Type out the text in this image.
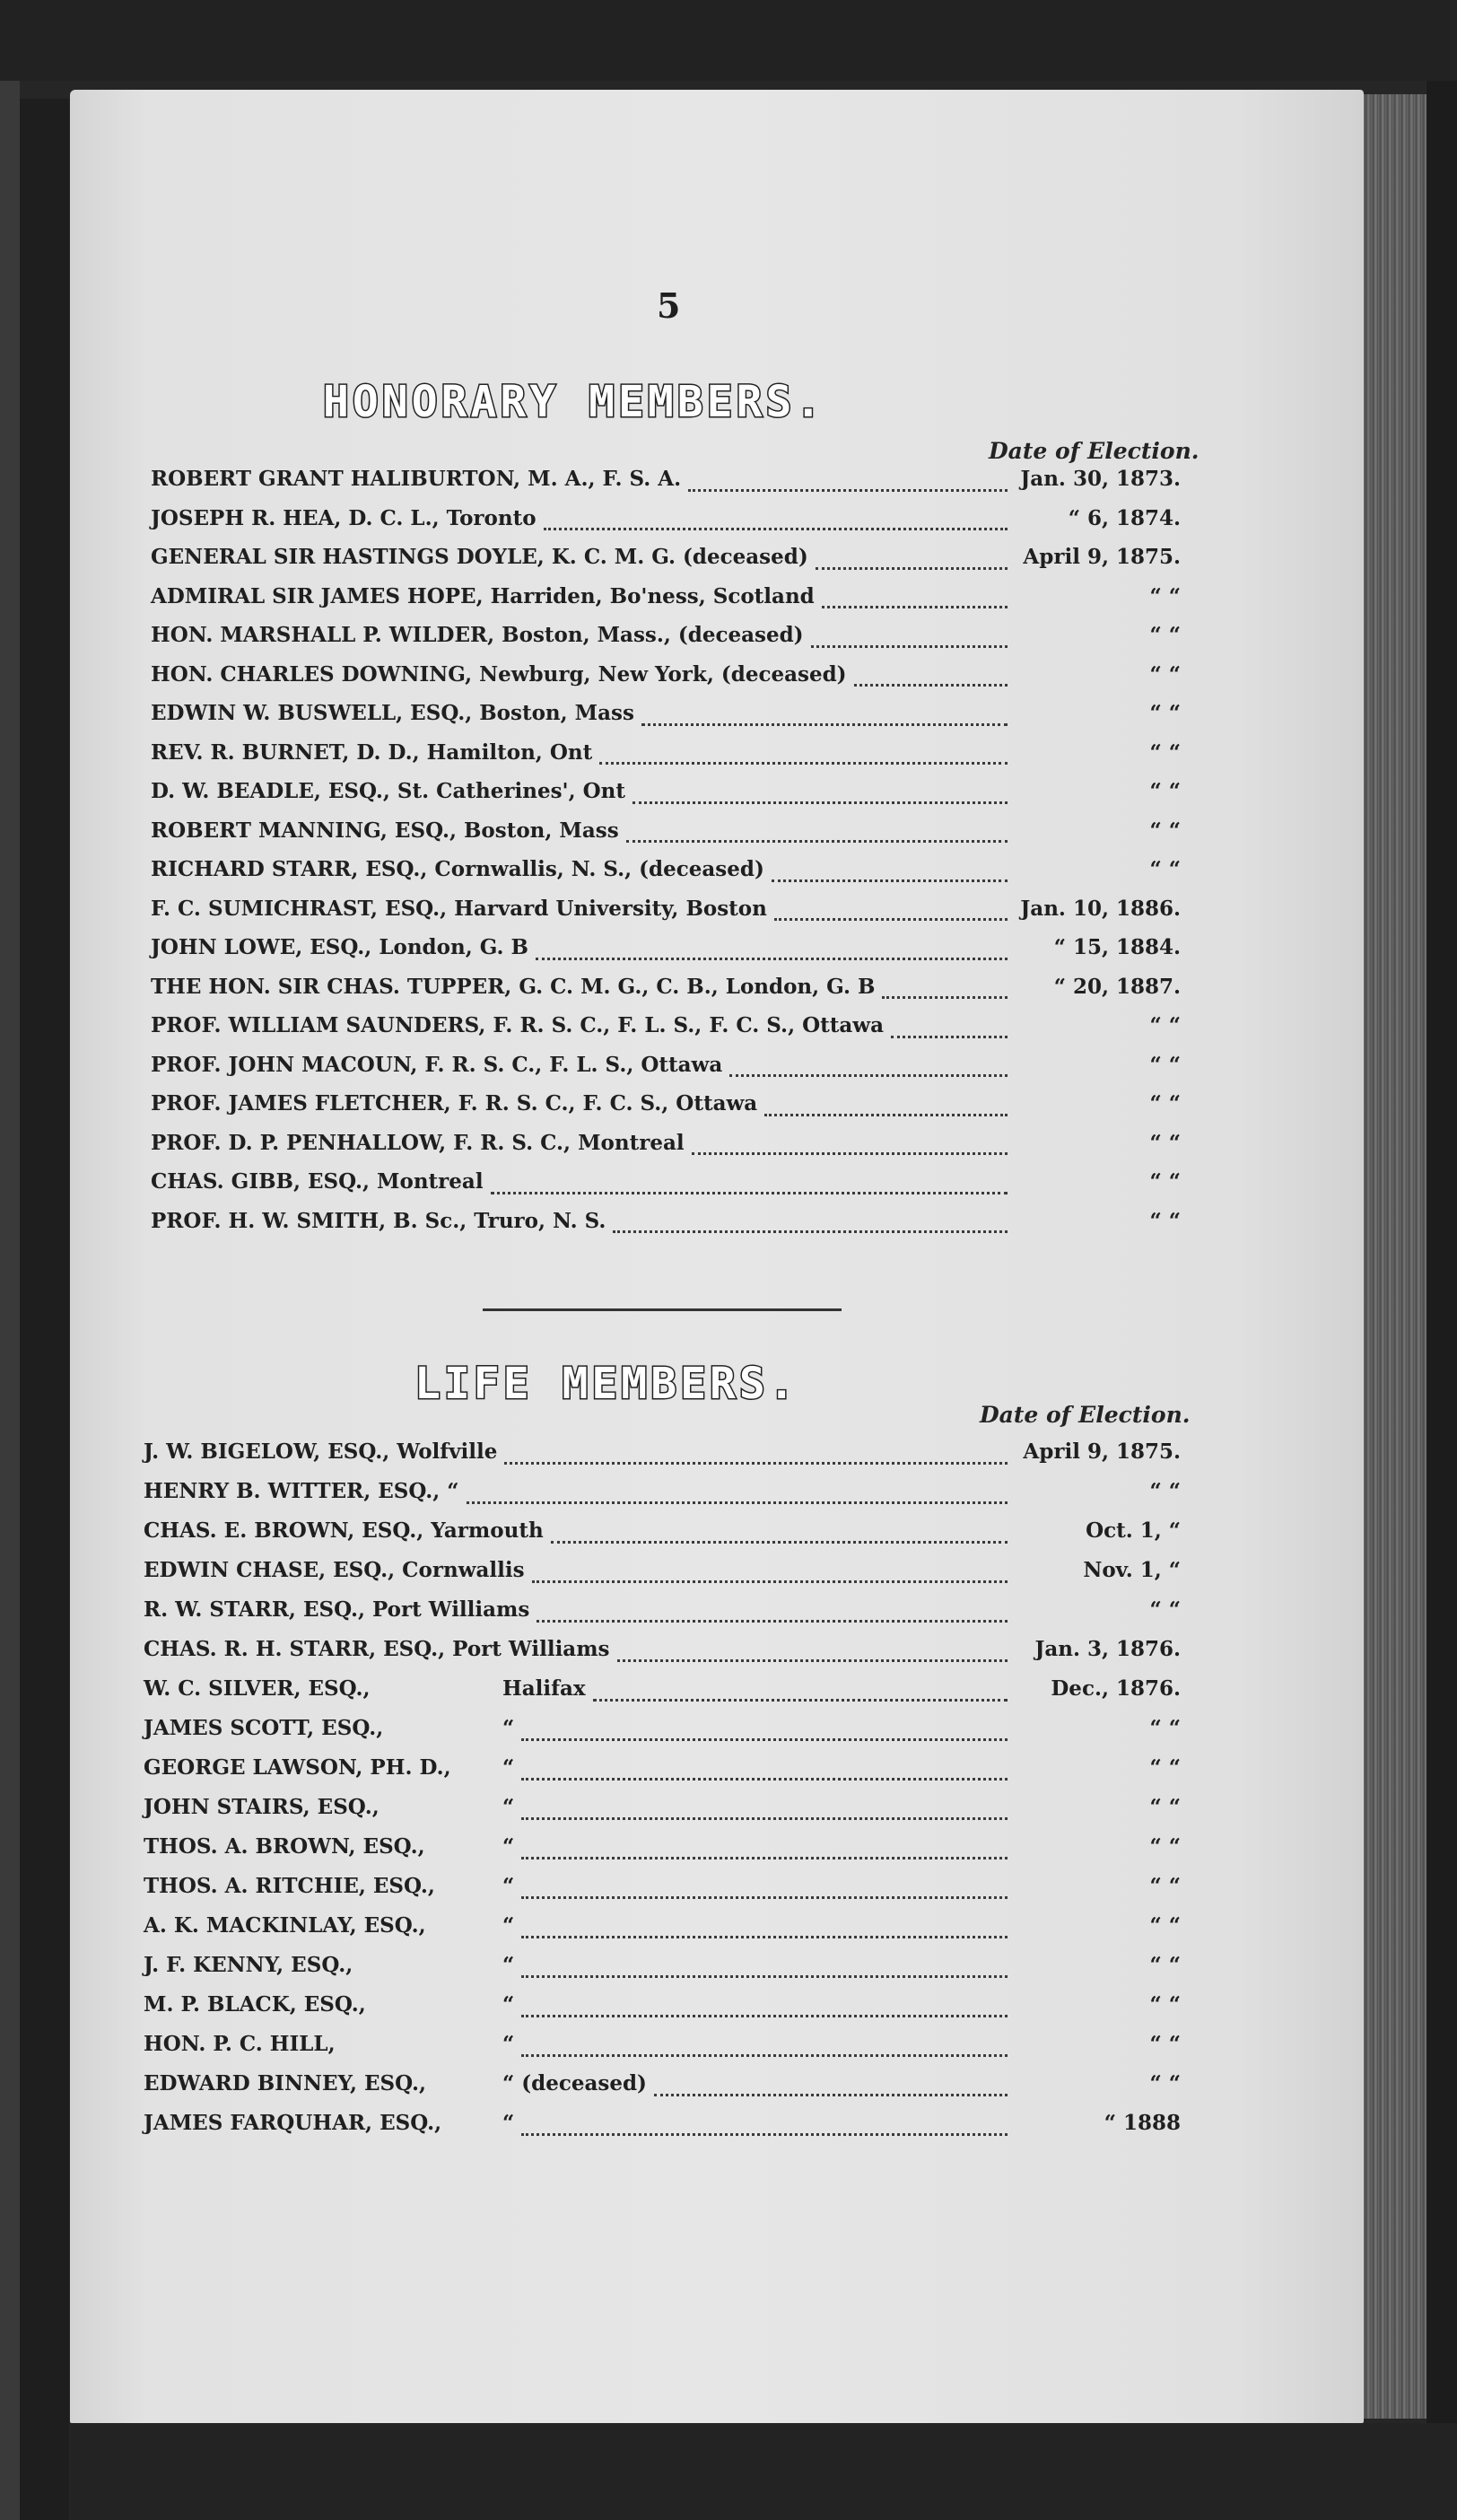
5
HONORARY MEMBERS.
Date of Election.
ROBERT GRANT HALIBURTON, M. A., F. S. A.	Jan. 30, 1873.
JOSEPH R. HEA, D. C. L., Toronto	“ 6, 1874.
GENERAL SIR HASTINGS DOYLE, K. C. M. G. (deceased)	April 9, 1875.
ADMIRAL SIR JAMES HOPE, Harriden, Bo'ness, Scotland	“ “
HON. MARSHALL P. WILDER, Boston, Mass., (deceased)	“ “
HON. CHARLES DOWNING, Newburg, New York, (deceased)	“ “
EDWIN W. BUSWELL, ESQ., Boston, Mass	“ “
REV. R. BURNET, D. D., Hamilton, Ont	“ “
D. W. BEADLE, ESQ., St. Catherines', Ont	“ “
ROBERT MANNING, ESQ., Boston, Mass	“ “
RICHARD STARR, ESQ., Cornwallis, N. S., (deceased)	“ “
F. C. SUMICHRAST, ESQ., Harvard University, Boston	Jan. 10, 1886.
JOHN LOWE, ESQ., London, G. B	“ 15, 1884.
THE HON. SIR CHAS. TUPPER, G. C. M. G., C. B., London, G. B	“ 20, 1887.
PROF. WILLIAM SAUNDERS, F. R. S. C., F. L. S., F. C. S., Ottawa	“ “
PROF. JOHN MACOUN, F. R. S. C., F. L. S., Ottawa	“ “
PROF. JAMES FLETCHER, F. R. S. C., F. C. S., Ottawa	“ “
PROF. D. P. PENHALLOW, F. R. S. C., Montreal	“ “
CHAS. GIBB, ESQ., Montreal	“ “
PROF. H. W. SMITH, B. Sc., Truro, N. S.	“ “
LIFE MEMBERS.
Date of Election.
J. W. BIGELOW, ESQ., Wolfville	April 9, 1875.
HENRY B. WITTER, ESQ., “	“ “
CHAS. E. BROWN, ESQ., Yarmouth	Oct. 1, “
EDWIN CHASE, ESQ., Cornwallis	Nov. 1, “
R. W. STARR, ESQ., Port Williams	“ “
CHAS. R. H. STARR, ESQ., Port Williams	Jan. 3, 1876.
W. C. SILVER, ESQ.,	Halifax	Dec., 1876.
JAMES SCOTT, ESQ.,	“	“ “
GEORGE LAWSON, PH. D.,	“	“ “
JOHN STAIRS, ESQ.,	“	“ “
THOS. A. BROWN, ESQ.,	“	“ “
THOS. A. RITCHIE, ESQ.,	“	“ “
A. K. MACKINLAY, ESQ.,	“	“ “
J. F. KENNY, ESQ.,	“	“ “
M. P. BLACK, ESQ.,	“	“ “
HON. P. C. HILL,	“	“ “
EDWARD BINNEY, ESQ.,	“ (deceased)	“ “
JAMES FARQUHAR, ESQ.,	“	“ 1888
